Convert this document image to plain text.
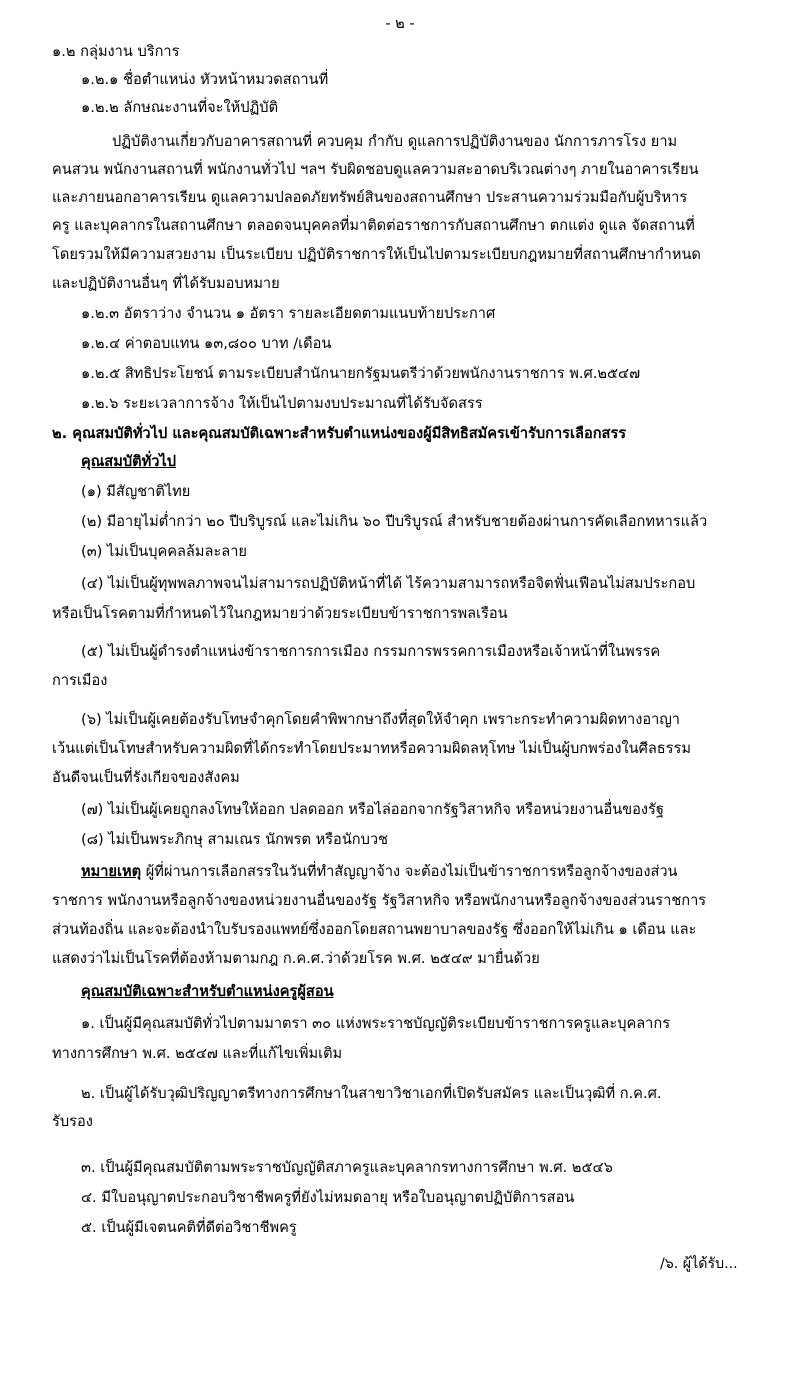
- ๒ -
๑.๒ กลุ่มงาน บริการ
๑.๒.๑ ชื่อตำแหน่ง หัวหน้าหมวดสถานที่
๑.๒.๒ ลักษณะงานที่จะให้ปฏิบัติ
ปฏิบัติงานเกี่ยวกับอาคารสถานที่ ควบคุม กำกับ ดูแลการปฏิบัติงานของ นักการภารโรง ยาม
คนสวน พนักงานสถานที่ พนักงานทั่วไป ฯลฯ รับผิดชอบดูแลความสะอาดบริเวณต่างๆ ภายในอาคารเรียน
และภายนอกอาคารเรียน ดูแลความปลอดภัยทรัพย์สินของสถานศึกษา ประสานความร่วมมือกับผู้บริหาร
ครู และบุคลากรในสถานศึกษา ตลอดจนบุคคลที่มาติดต่อราชการกับสถานศึกษา ตกแต่ง ดูแล จัดสถานที่
โดยรวมให้มีความสวยงาม เป็นระเบียบ ปฏิบัติราชการให้เป็นไปตามระเบียบกฎหมายที่สถานศึกษากำหนด
และปฏิบัติงานอื่นๆ ที่ได้รับมอบหมาย
๑.๒.๓ อัตราว่าง จำนวน ๑ อัตรา รายละเอียดตามแนบท้ายประกาศ
๑.๒.๔ ค่าตอบแทน ๑๓,๘๐๐ บาท /เดือน
๑.๒.๕ สิทธิประโยชน์ ตามระเบียบสำนักนายกรัฐมนตรีว่าด้วยพนักงานราชการ พ.ศ.๒๕๔๗
๑.๒.๖ ระยะเวลาการจ้าง ให้เป็นไปตามงบประมาณที่ได้รับจัดสรร
๒. คุณสมบัติทั่วไป และคุณสมบัติเฉพาะสำหรับตำแหน่งของผู้มีสิทธิสมัครเข้ารับการเลือกสรร
คุณสมบัติทั่วไป
(๑) มีสัญชาติไทย
(๒) มีอายุไม่ต่ำกว่า ๒๐ ปีบริบูรณ์ และไม่เกิน ๖๐ ปีบริบูรณ์ สำหรับชายต้องผ่านการคัดเลือกทหารแล้ว
(๓) ไม่เป็นบุคคลล้มละลาย
(๔) ไม่เป็นผู้ทุพพลภาพจนไม่สามารถปฏิบัติหน้าที่ได้ ไร้ความสามารถหรือจิตฟั่นเฟือนไม่สมประกอบ
หรือเป็นโรคตามที่กำหนดไว้ในกฎหมายว่าด้วยระเบียบข้าราชการพลเรือน
(๕) ไม่เป็นผู้ดำรงตำแหน่งข้าราชการการเมือง กรรมการพรรคการเมืองหรือเจ้าหน้าที่ในพรรค
การเมือง
(๖) ไม่เป็นผู้เคยต้องรับโทษจำคุกโดยคำพิพากษาถึงที่สุดให้จำคุก เพราะกระทำความผิดทางอาญา
เว้นแต่เป็นโทษสำหรับความผิดที่ได้กระทำโดยประมาทหรือความผิดลหุโทษ ไม่เป็นผู้บกพร่องในศีลธรรม
อันดีจนเป็นที่รังเกียจของสังคม
(๗) ไม่เป็นผู้เคยถูกลงโทษให้ออก ปลดออก หรือไล่ออกจากรัฐวิสาหกิจ หรือหน่วยงานอื่นของรัฐ
(๘) ไม่เป็นพระภิกษุ สามเณร นักพรต หรือนักบวช
หมายเหตุ ผู้ที่ผ่านการเลือกสรรในวันที่ทำสัญญาจ้าง จะต้องไม่เป็นข้าราชการหรือลูกจ้างของส่วน
ราชการ พนักงานหรือลูกจ้างของหน่วยงานอื่นของรัฐ รัฐวิสาหกิจ หรือพนักงานหรือลูกจ้างของส่วนราชการ
ส่วนท้องถิ่น และจะต้องนำใบรับรองแพทย์ซึ่งออกโดยสถานพยาบาลของรัฐ ซึ่งออกให้ไม่เกิน ๑ เดือน และ
แสดงว่าไม่เป็นโรคที่ต้องห้ามตามกฎ ก.ค.ศ.ว่าด้วยโรค พ.ศ. ๒๕๔๙ มายื่นด้วย
คุณสมบัติเฉพาะสำหรับตำแหน่งครูผู้สอน
๑. เป็นผู้มีคุณสมบัติทั่วไปตามมาตรา ๓๐ แห่งพระราชบัญญัติระเบียบข้าราชการครูและบุคลากร
ทางการศึกษา พ.ศ. ๒๕๔๗ และที่แก้ไขเพิ่มเติม
๒. เป็นผู้ได้รับวุฒิปริญญาตรีทางการศึกษาในสาขาวิชาเอกที่เปิดรับสมัคร และเป็นวุฒิที่ ก.ค.ศ.
รับรอง
๓. เป็นผู้มีคุณสมบัติตามพระราชบัญญัติสภาครูและบุคลากรทางการศึกษา พ.ศ. ๒๕๔๖
๔. มีใบอนุญาตประกอบวิชาชีพครูที่ยังไม่หมดอายุ หรือใบอนุญาตปฏิบัติการสอน
๕. เป็นผู้มีเจตนคติที่ดีต่อวิชาชีพครู
/๖. ผู้ได้รับ...
